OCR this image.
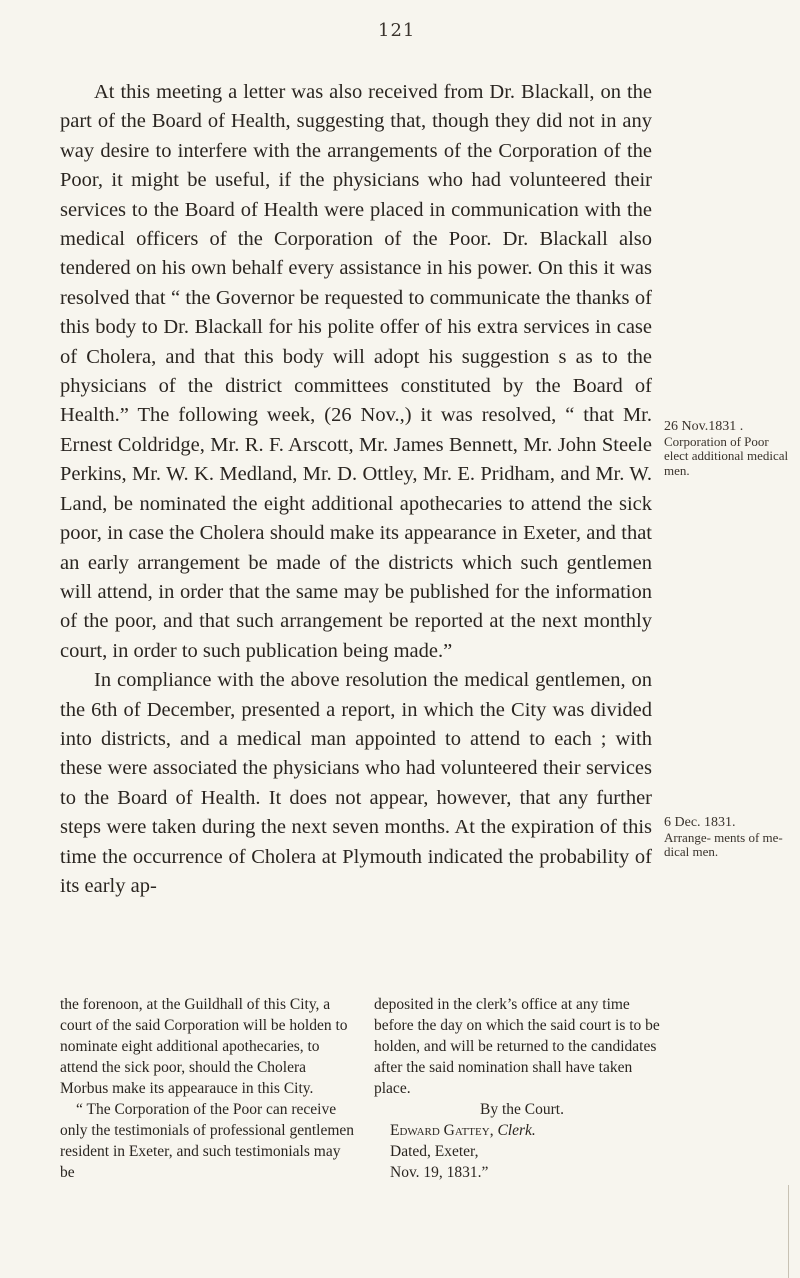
121

At this meeting a letter was also received from Dr. Blackall, on the part of the Board of Health, suggesting that, though they did not in any way desire to interfere with the arrangements of the Corporation of the Poor, it might be useful, if the physicians who had volunteered their services to the Board of Health were placed in communication with the medical officers of the Corporation of the Poor. Dr. Blackall also tendered on his own behalf every assistance in his power. On this it was resolved that “ the Governor be requested to communicate the thanks of this body to Dr. Blackall for his polite offer of his extra services in case of Cholera, and that this body will adopt his suggestion s as to the physicians of the district committees constituted by the Board of Health.” The following week, (26 Nov.,) it was resolved, “ that Mr. Ernest Coldridge, Mr. R. F. Arscott, Mr. James Bennett, Mr. John Steele Perkins, Mr. W. K. Medland, Mr. D. Ottley, Mr. E. Pridham, and Mr. W. Land, be nominated the eight additional apothecaries to attend the sick poor, in case the Cholera should make its appearance in Exeter, and that an early arrangement be made of the districts which such gentlemen will attend, in order that the same may be published for the information of the poor, and that such arrangement be reported at the next monthly court, in order to such publication being made.”

In compliance with the above resolution the medical gentlemen, on the 6th of December, presented a report, in which the City was divided into districts, and a medical man appointed to attend to each ; with these were associated the physicians who had volunteered their services to the Board of Health. It does not appear, however, that any further steps were taken during the next seven months. At the expiration of this time the occurrence of Cholera at Plymouth indicated the probability of its early ap-

26 Nov.1831 .
Corporation of Poor elect additional medical men.
6 Dec. 1831.
Arrange- ments of me- dical men.

the forenoon, at the Guildhall of this City, a court of the said Corporation will be holden to nominate eight additional apothecaries, to attend the sick poor, should the Cholera Morbus make its appearauce in this City.

“ The Corporation of the Poor can receive only the testimonials of professional gentlemen resident in Exeter, and such testimonials may be

deposited in the clerk’s office at any time before the day on which the said court is to be holden, and will be returned to the candidates after the said nomination shall have taken place.

By the Court.

Edward Gattey, Clerk.

Dated, Exeter,

Nov. 19, 1831.”
